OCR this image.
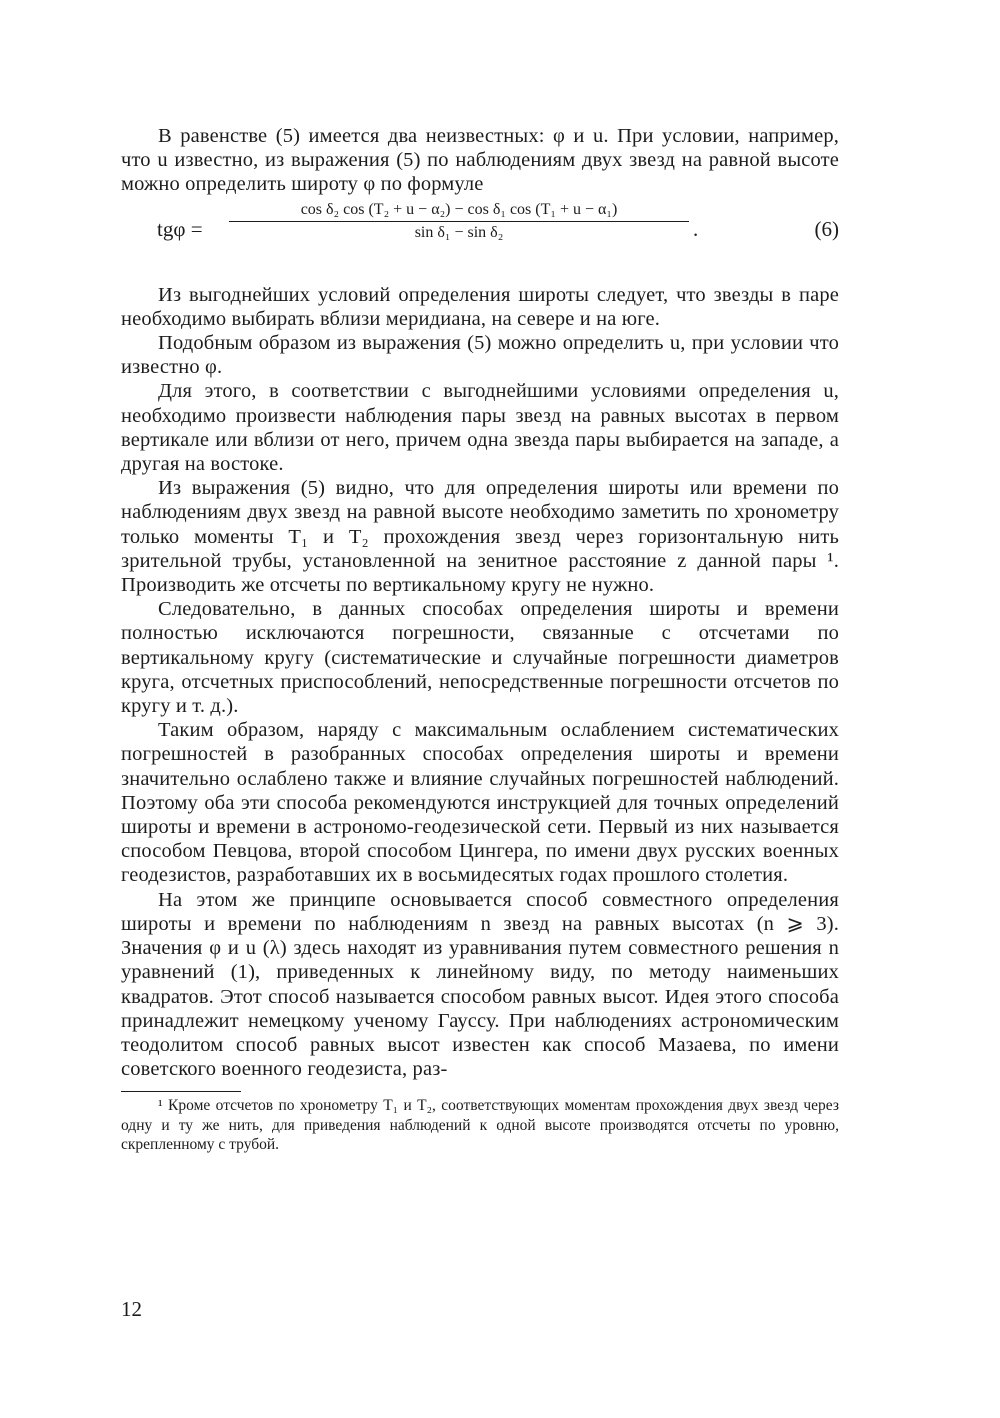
В равенстве (5) имеется два неизвестных: φ и u. При условии, например, что u известно, из выражения (5) по наблюдениям двух звезд на равной высоте можно определить широту φ по формуле

tgφ =
cos δ₂ cos (T₂ + u − α₂) − cos δ₁ cos (T₁ + u − α₁)
sin δ₁ − sin δ₂	.	(6)

Из выгоднейших условий определения широты следует, что звезды в паре необходимо выбирать вблизи меридиана, на севере и на юге.

Подобным образом из выражения (5) можно определить u, при условии что известно φ.

Для этого, в соответствии с выгоднейшими условиями определения u, необходимо произвести наблюдения пары звезд на равных высотах в первом вертикале или вблизи от него, причем одна звезда пары выбирается на западе, а другая на востоке.

Из выражения (5) видно, что для определения широты или времени по наблюдениям двух звезд на равной высоте необходимо заметить по хронометру только моменты T₁ и T₂ прохождения звезд через горизонтальную нить зрительной трубы, установленной на зенитное расстояние z данной пары ¹. Производить же отсчеты по вертикальному кругу не нужно.

Следовательно, в данных способах определения широты и времени полностью исключаются погрешности, связанные с отсчетами по вертикальному кругу (систематические и случайные погрешности диаметров круга, отсчетных приспособлений, непосредственные погрешности отсчетов по кругу и т. д.).

Таким образом, наряду с максимальным ослаблением систематических погрешностей в разобранных способах определения широты и времени значительно ослаблено также и влияние случайных погрешностей наблюдений. Поэтому оба эти способа рекомендуются инструкцией для точных определений широты и времени в астрономо-геодезической сети. Первый из них называется способом Певцова, второй способом Цингера, по имени двух русских военных геодезистов, разработавших их в восьмидесятых годах прошлого столетия.

На этом же принципе основывается способ совместного определения широты и времени по наблюдениям n звезд на равных высотах (n ⩾ 3). Значения φ и u (λ) здесь находят из уравнивания путем совместного решения n уравнений (1), приведенных к линейному виду, по методу наименьших квадратов. Этот способ называется способом равных высот. Идея этого способа принадлежит немецкому ученому Гауссу. При наблюдениях астрономическим теодолитом способ равных высот известен как способ Мазаева, по имени советского военного геодезиста, раз-

¹ Кроме отсчетов по хронометру T₁ и T₂, соответствующих моментам прохождения двух звезд через одну и ту же нить, для приведения наблюдений к одной высоте производятся отсчеты по уровню, скрепленному с трубой.

12
